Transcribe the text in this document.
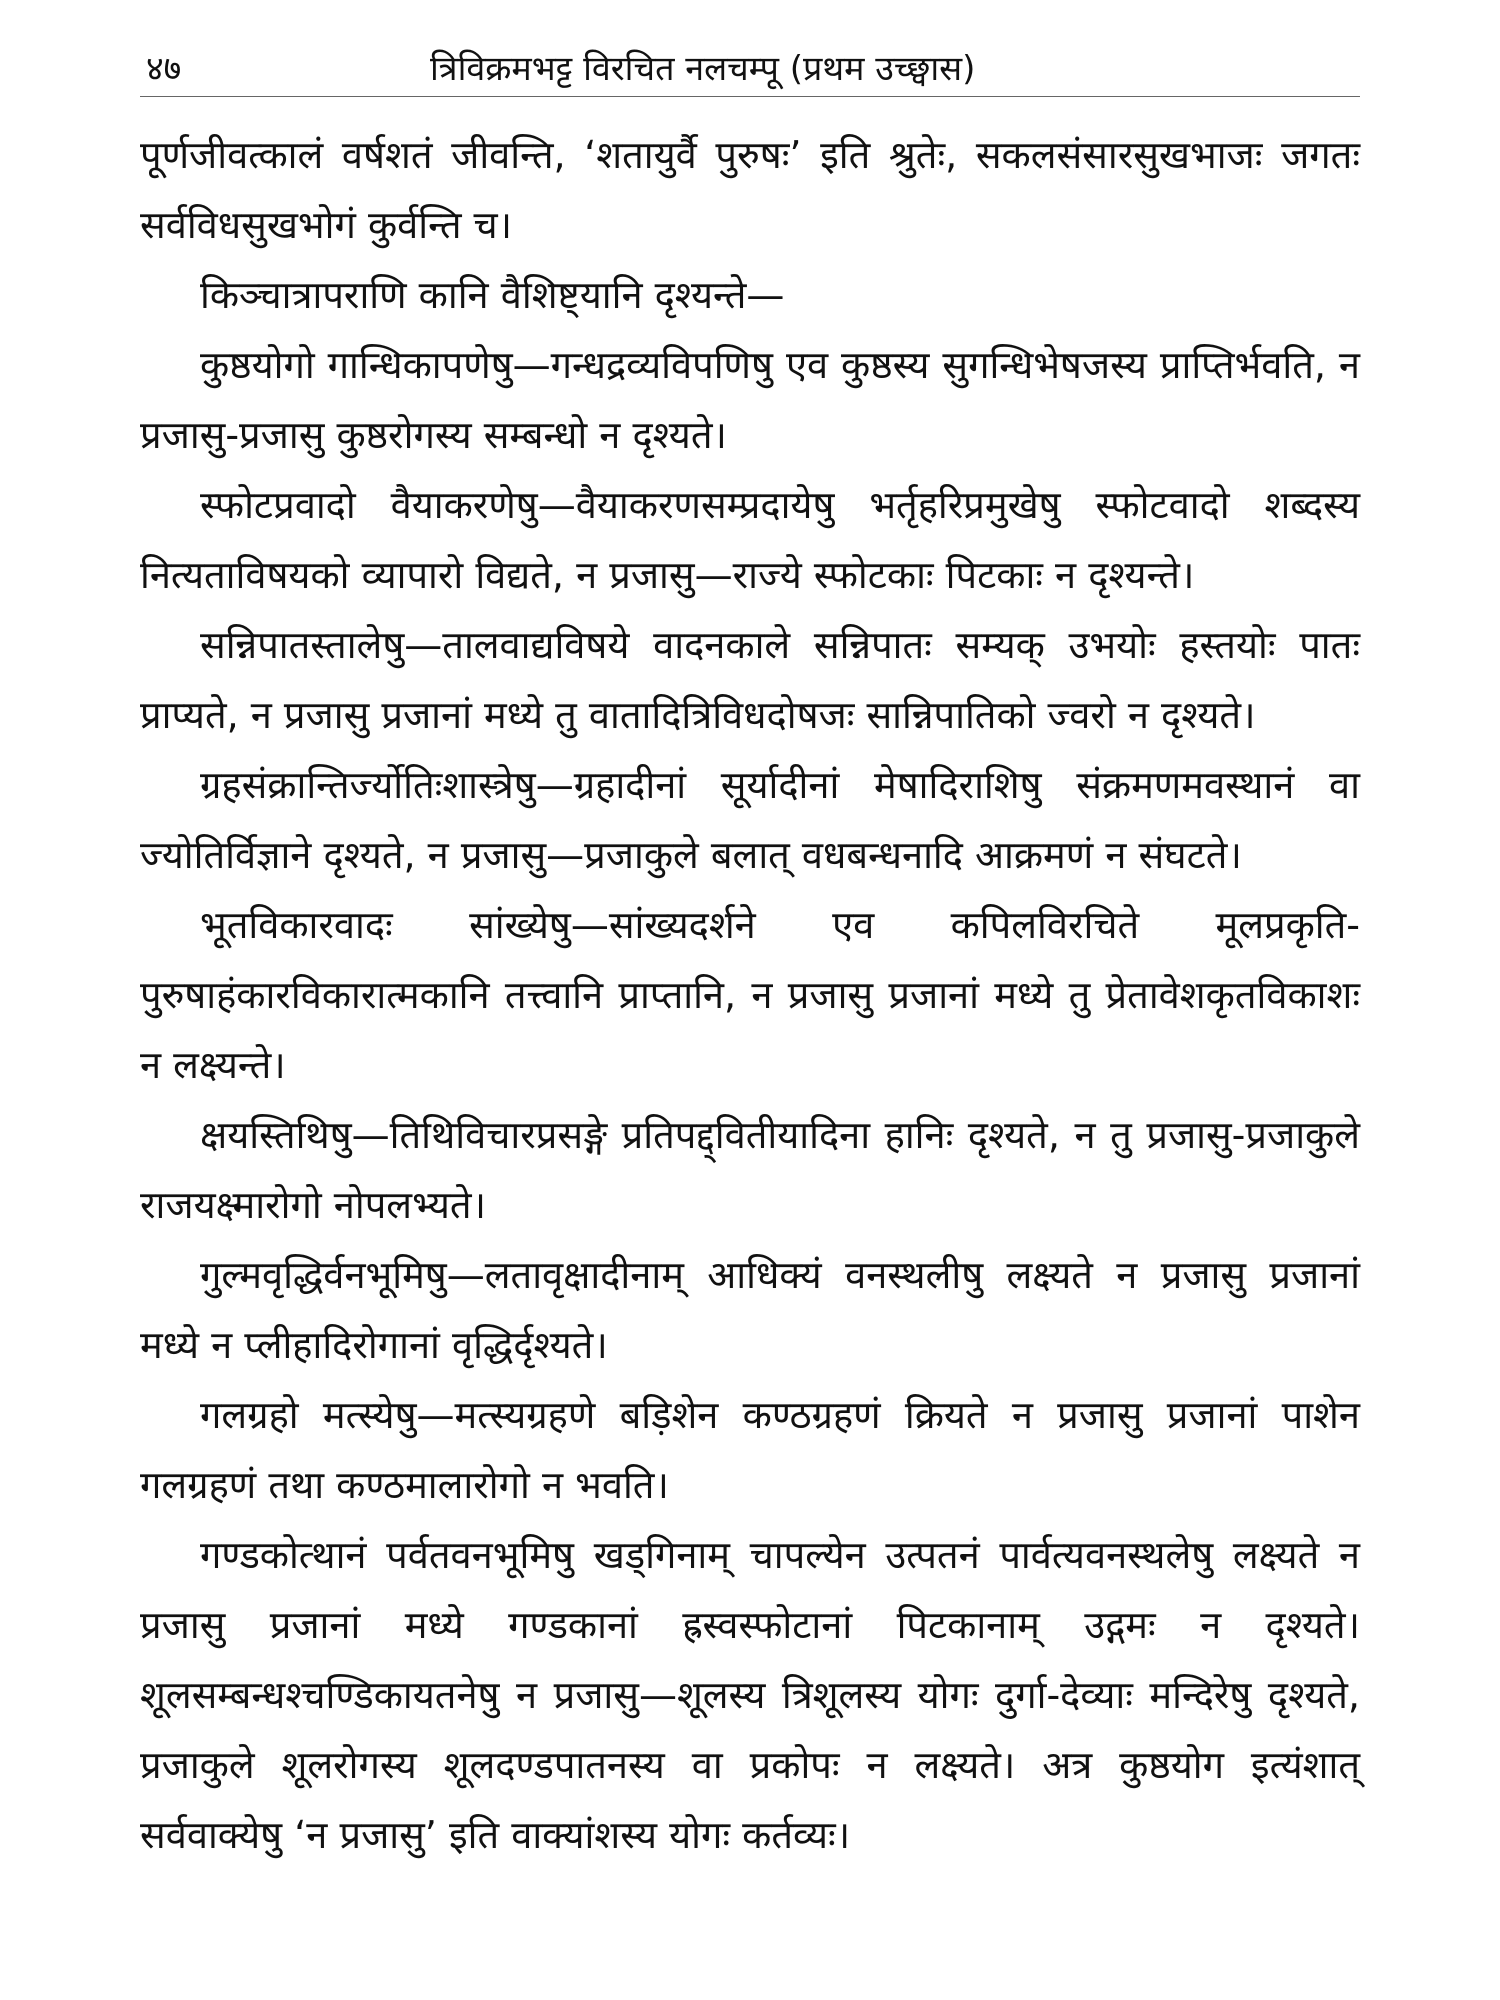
४७	त्रिविक्रमभट्ट विरचित नलचम्पू (प्रथम उच्छ्वास)

पूर्णजीवत्कालं वर्षशतं जीवन्ति, ‘शतायुर्वै पुरुषः’ इति श्रुतेः, सकलसंसारसुखभाजः जगतः सर्वविधसुखभोगं कुर्वन्ति च।

किञ्चात्रापराणि कानि वैशिष्ट्यानि दृश्यन्ते—

कुष्ठयोगो गान्धिकापणेषु—गन्धद्रव्यविपणिषु एव कुष्ठस्य सुगन्धिभेषजस्य प्राप्तिर्भवति, न प्रजासु-प्रजासु कुष्ठरोगस्य सम्बन्धो न दृश्यते।

स्फोटप्रवादो वैयाकरणेषु—वैयाकरणसम्प्रदायेषु भर्तृहरिप्रमुखेषु स्फोटवादो शब्दस्य नित्यताविषयको व्यापारो विद्यते, न प्रजासु—राज्ये स्फोटकाः पिटकाः न दृश्यन्ते।

सन्निपातस्तालेषु—तालवाद्यविषये वादनकाले सन्निपातः सम्यक् उभयोः हस्तयोः पातः प्राप्यते, न प्रजासु प्रजानां मध्ये तु वातादित्रिविधदोषजः सान्निपातिको ज्वरो न दृश्यते।

ग्रहसंक्रान्तिर्ज्योतिःशास्त्रेषु—ग्रहादीनां सूर्यादीनां मेषादिराशिषु संक्रमणमवस्थानं वा ज्योतिर्विज्ञाने दृश्यते, न प्रजासु—प्रजाकुले बलात् वधबन्धनादि आक्रमणं न संघटते।

भूतविकारवादः सांख्येषु—सांख्यदर्शने एव कपिलविरचिते मूलप्रकृति-पुरुषाहंकारविकारात्मकानि तत्त्वानि प्राप्तानि, न प्रजासु प्रजानां मध्ये तु प्रेतावेशकृतविकाशः न लक्ष्यन्ते।

क्षयस्तिथिषु—तिथिविचारप्रसङ्गे प्रतिपद्द्वितीयादिना हानिः दृश्यते, न तु प्रजासु-प्रजाकुले राजयक्ष्मारोगो नोपलभ्यते।

गुल्मवृद्धिर्वनभूमिषु—लतावृक्षादीनाम् आधिक्यं वनस्थलीषु लक्ष्यते न प्रजासु प्रजानां मध्ये न प्लीहादिरोगानां वृद्धिर्दृश्यते।

गलग्रहो मत्स्येषु—मत्स्यग्रहणे बड़िशेन कण्ठग्रहणं क्रियते न प्रजासु प्रजानां पाशेन गलग्रहणं तथा कण्ठमालारोगो न भवति।

गण्डकोत्थानं पर्वतवनभूमिषु खड्गिनाम् चापल्येन उत्पतनं पार्वत्यवनस्थलेषु लक्ष्यते न प्रजासु प्रजानां मध्ये गण्डकानां ह्रस्वस्फोटानां पिटकानाम् उद्गमः न दृश्यते। शूलसम्बन्धश्चण्डिकायतनेषु न प्रजासु—शूलस्य त्रिशूलस्य योगः दुर्गा-देव्याः मन्दिरेषु दृश्यते, प्रजाकुले शूलरोगस्य शूलदण्डपातनस्य वा प्रकोपः न लक्ष्यते। अत्र कुष्ठयोग इत्यंशात् सर्ववाक्येषु ‘न प्रजासु’ इति वाक्यांशस्य योगः कर्तव्यः।
